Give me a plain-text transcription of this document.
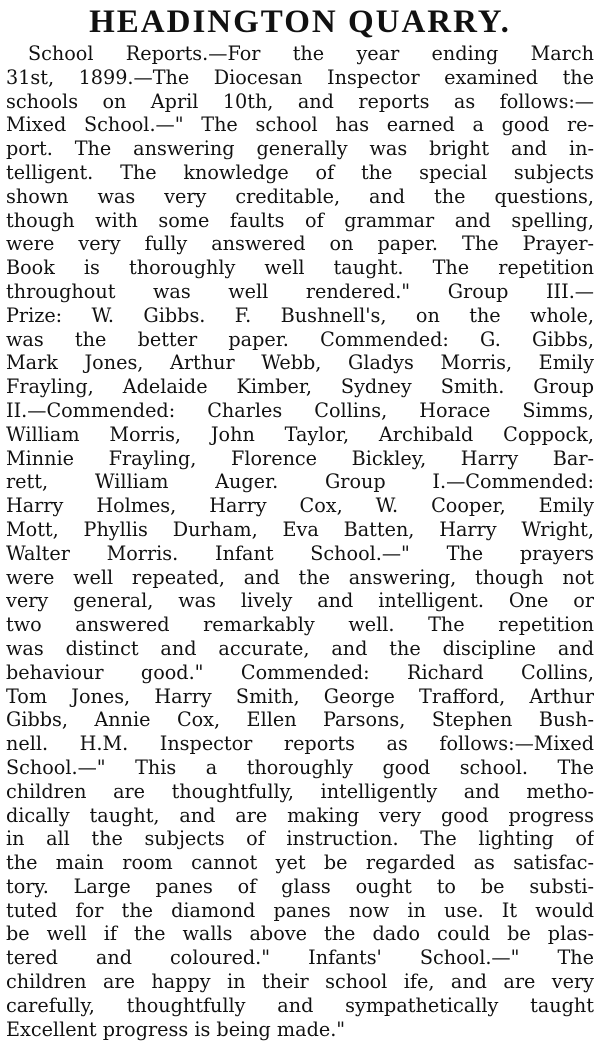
HEADINGTON QUARRY.
School Reports.—For the year ending March
31st, 1899.—The Diocesan Inspector examined the
schools on April 10th, and reports as follows:—
Mixed School.—" The school has earned a good re-
port. The answering generally was bright and in-
telligent. The knowledge of the special subjects
shown was very creditable, and the questions,
though with some faults of grammar and spelling,
were very fully answered on paper. The Prayer-
Book is thoroughly well taught. The repetition
throughout was well rendered." Group III.—
Prize: W. Gibbs. F. Bushnell's, on the whole,
was the better paper. Commended: G. Gibbs,
Mark Jones, Arthur Webb, Gladys Morris, Emily
Frayling, Adelaide Kimber, Sydney Smith. Group
II.—Commended: Charles Collins, Horace Simms,
William Morris, John Taylor, Archibald Coppock,
Minnie Frayling, Florence Bickley, Harry Bar-
rett, William Auger. Group I.—Commended:
Harry Holmes, Harry Cox, W. Cooper, Emily
Mott, Phyllis Durham, Eva Batten, Harry Wright,
Walter Morris. Infant School.—" The prayers
were well repeated, and the answering, though not
very general, was lively and intelligent. One or
two answered remarkably well. The repetition
was distinct and accurate, and the discipline and
behaviour good." Commended: Richard Collins,
Tom Jones, Harry Smith, George Trafford, Arthur
Gibbs, Annie Cox, Ellen Parsons, Stephen Bush-
nell. H.M. Inspector reports as follows:—Mixed
School.—" This a thoroughly good school. The
children are thoughtfully, intelligently and metho-
dically taught, and are making very good progress
in all the subjects of instruction. The lighting of
the main room cannot yet be regarded as satisfac-
tory. Large panes of glass ought to be substi-
tuted for the diamond panes now in use. It would
be well if the walls above the dado could be plas-
tered and coloured." Infants' School.—" The
children are happy in their school ife, and are very
carefully, thoughtfully and sympathetically taught
Excellent progress is being made."
